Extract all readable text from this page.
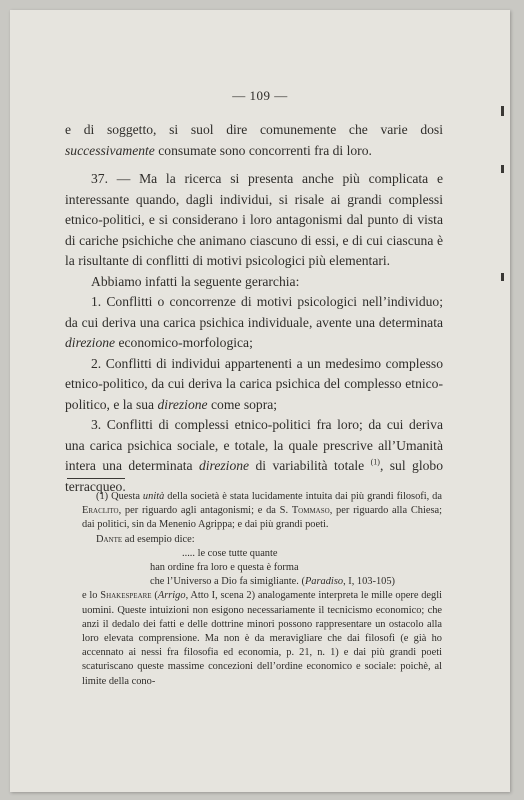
— 109 —

e di soggetto, si suol dire comunemente che varie dosi successivamente consumate sono concorrenti fra di loro.

37. — Ma la ricerca si presenta anche più complicata e interessante quando, dagli individui, si risale ai grandi complessi etnico-politici, e si considerano i loro antagonismi dal punto di vista di cariche psichiche che animano ciascuno di essi, e di cui ciascuna è la risultante di conflitti di motivi psicologici più elementari.

Abbiamo infatti la seguente gerarchia:

1. Conflitti o concorrenze di motivi psicologici nell’individuo; da cui deriva una carica psichica individuale, avente una determinata direzione economico-morfologica;

2. Conflitti di individui appartenenti a un medesimo complesso etnico-politico, da cui deriva la carica psichica del complesso etnico-politico, e la sua direzione come sopra;

3. Conflitti di complessi etnico-politici fra loro; da cui deriva una carica psichica sociale, e totale, la quale prescrive all’Umanità intera una determinata direzione di variabilità totale $^{(1)}$, sul globo terracqueo.

(1) Questa unità della società è stata lucidamente intuita dai più grandi filosofi, da Eraclito, per riguardo agli antagonismi; e da S. Tommaso, per riguardo alla Chiesa; dai politici, sin da Menenio Agrippa; e dai più grandi poeti.

Dante ad esempio dice:

..... le cose tutte quante
han ordine fra loro e questa è forma
che l’Universo a Dio fa simigliante. (Paradiso, I, 103-105)

e lo Shakespeare (Arrigo, Atto I, scena 2) analogamente interpreta le mille opere degli uomini. Queste intuizioni non esigono necessariamente il tecnicismo economico; che anzi il dedalo dei fatti e delle dottrine minori possono rappresentare un ostacolo alla loro elevata comprensione. Ma non è da meravigliare che dai filosofi (e già ho accennato ai nessi fra filosofia ed economia, p. 21, n. 1) e dai più grandi poeti scaturiscano queste massime concezioni dell’ordine economico e sociale: poichè, al limite della cono-
